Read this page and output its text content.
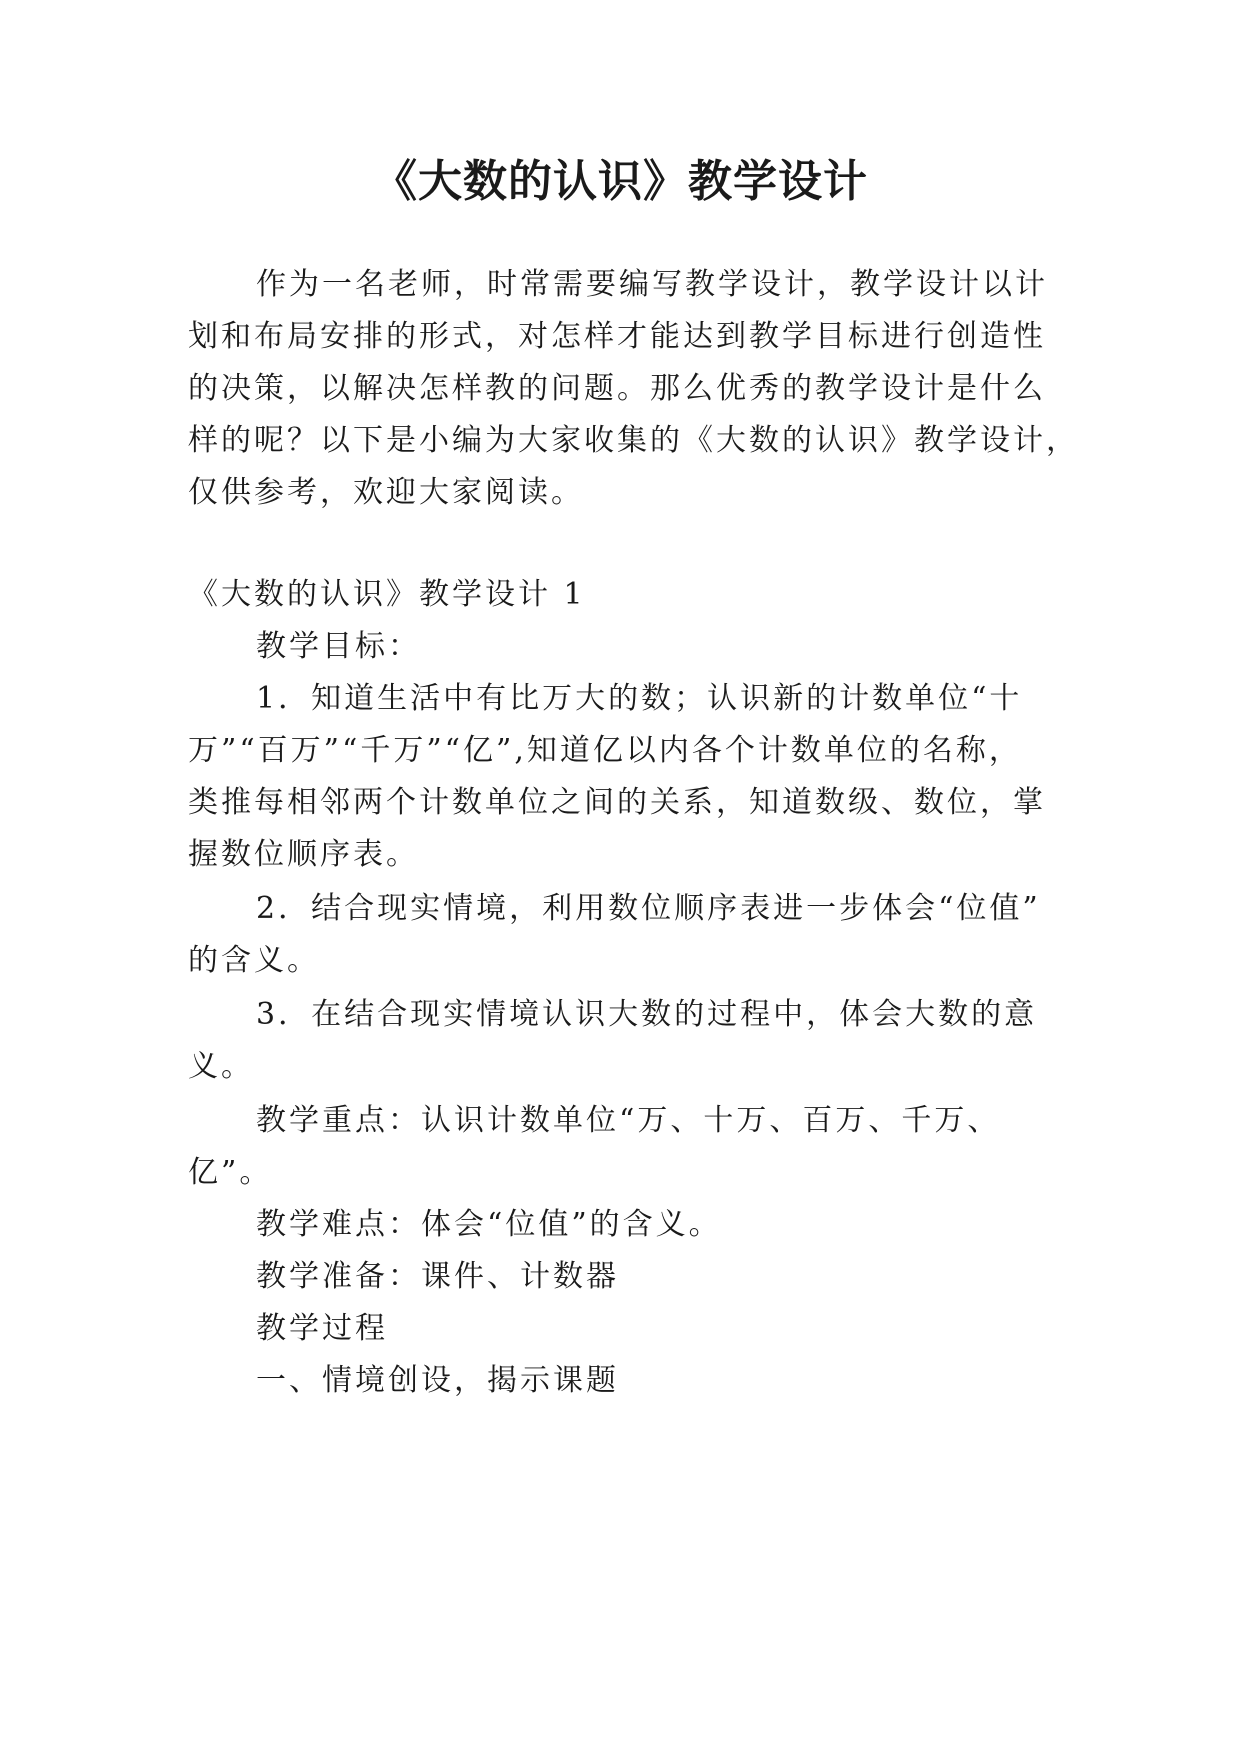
《大数的认识》教学设计

作为一名老师，时常需要编写教学设计，教学设计以计

划和布局安排的形式，对怎样才能达到教学目标进行创造性

的决策，以解决怎样教的问题。那么优秀的教学设计是什么

样的呢？以下是小编为大家收集的《大数的认识》教学设计，

仅供参考，欢迎大家阅读。

《大数的认识》教学设计 1

教学目标：

1．知道生活中有比万大的数；认识新的计数单位“十

万”“百万”“千万”“亿”,知道亿以内各个计数单位的名称，

类推每相邻两个计数单位之间的关系，知道数级、数位，掌

握数位顺序表。

2．结合现实情境，利用数位顺序表进一步体会“位值”

的含义。

3．在结合现实情境认识大数的过程中，体会大数的意

义。

教学重点：认识计数单位“万、十万、百万、千万、

亿”。

教学难点：体会“位值”的含义。

教学准备：课件、计数器

教学过程

一、情境创设，揭示课题
